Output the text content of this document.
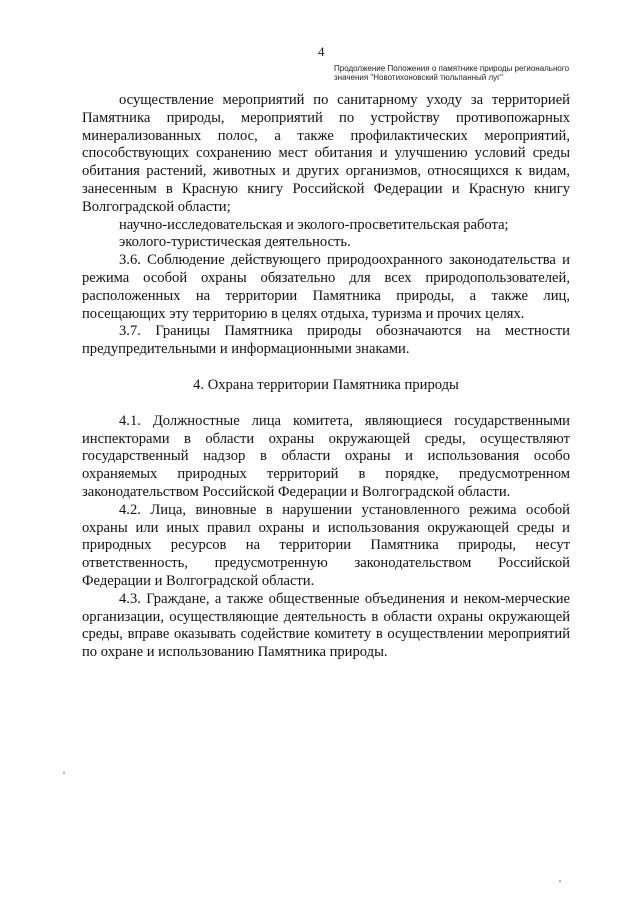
4
Продолжение Положения о памятнике природы регионального
значения "Новотихоновский тюльпанный луг"

осуществление мероприятий по санитарному уходу за территорией Памятника природы, мероприятий по устройству противопожарных минерализованных полос, а также профилактических мероприятий, способствующих сохранению мест обитания и улучшению условий среды обитания растений, животных и других организмов, относящихся к видам, занесенным в Красную книгу Российской Федерации и Красную книгу Волгоградской области;

научно-исследовательская и эколого-просветительская работа;

эколого-туристическая деятельность.

3.6. Соблюдение действующего природоохранного законодательства и режима особой охраны обязательно для всех природопользователей, расположенных на территории Памятника природы, а также лиц, посещающих эту территорию в целях отдыха, туризма и прочих целях.

3.7. Границы Памятника природы обозначаются на местности предупредительными и информационными знаками.

4. Охрана территории Памятника природы

4.1. Должностные лица комитета, являющиеся государственными инспекторами в области охраны окружающей среды, осуществляют государственный надзор в области охраны и использования особо охраняемых природных территорий в порядке, предусмотренном законодательством Российской Федерации и Волгоградской области.

4.2. Лица, виновные в нарушении установленного режима особой охраны или иных правил охраны и использования окружающей среды и природных ресурсов на территории Памятника природы, несут ответственность, предусмотренную законодательством Российской Федерации и Волгоградской области.

4.3. Граждане, а также общественные объединения и неком-мерческие организации, осуществляющие деятельность в области охраны окружающей среды, вправе оказывать содействие комитету в осуществлении мероприятий по охране и использованию Памятника природы.
